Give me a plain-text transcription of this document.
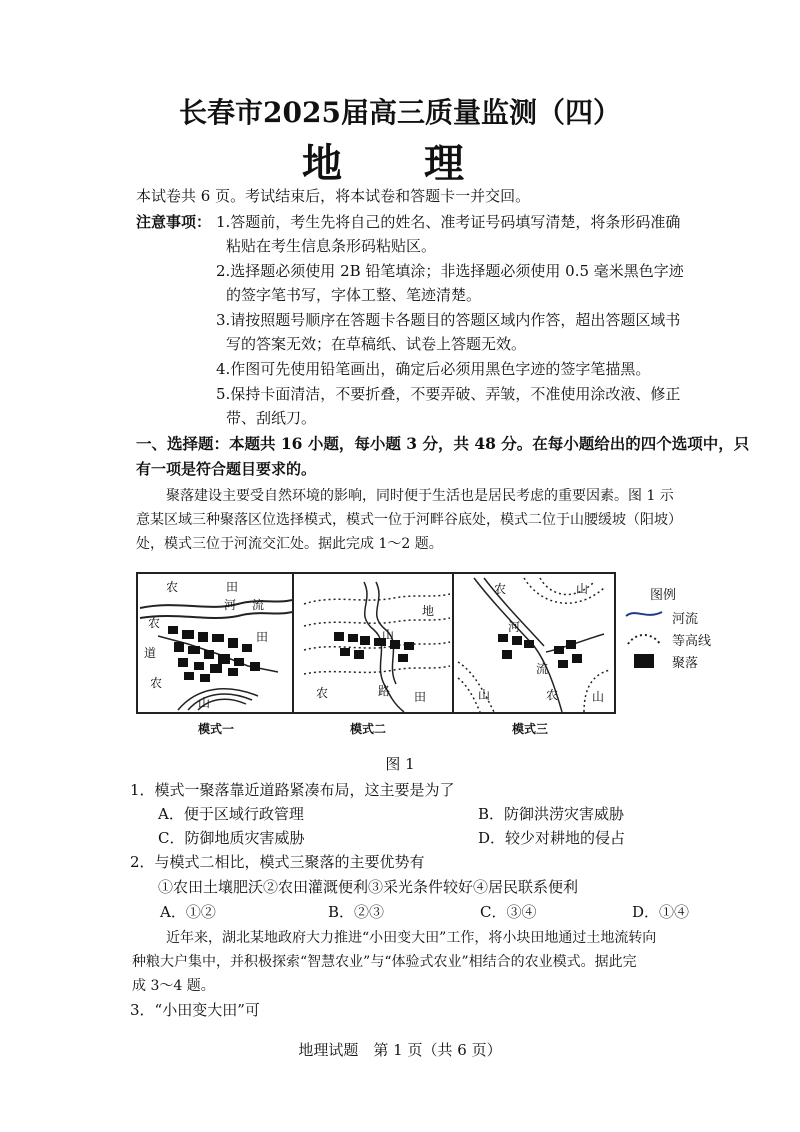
长春市2025届高三质量监测（四）
地 理
本试卷共 6 页。考试结束后，将本试卷和答题卡一并交回。
注意事项： 1.答题前，考生先将自己的姓名、准考证号码填写清楚，将条形码准确
粘贴在考生信息条形码粘贴区。
2.选择题必须使用 2B 铅笔填涂；非选择题必须使用 0.5 毫米黑色字迹
的签字笔书写，字体工整、笔迹清楚。
3.请按照题号顺序在答题卡各题目的答题区域内作答，超出答题区域书
写的答案无效；在草稿纸、试卷上答题无效。
4.作图可先使用铅笔画出，确定后必须用黑色字迹的签字笔描黑。
5.保持卡面清洁，不要折叠，不要弄破、弄皱，不准使用涂改液、修正
带、刮纸刀。
一、选择题：本题共 16 小题，每小题 3 分，共 48 分。在每小题给出的四个选项中，只
有一项是符合题目要求的。
聚落建设主要受自然环境的影响，同时便于生活也是居民考虑的重要因素。图 1 示
意某区域三种聚落区位选择模式，模式一位于河畔谷底处，模式二位于山腰缓坡（阳坡）
处，模式三位于河流交汇处。据此完成 1～2 题。
农	田
河 流
农
道
田
农
山
地
山
农	路 田
农	山
河
流
山	农	山
模式一	模式二	模式三
图例
河流
等高线
聚落
图 1
1．模式一聚落靠近道路紧凑布局，这主要是为了
A．便于区域行政管理	B．防御洪涝灾害威胁
C．防御地质灾害威胁	D．较少对耕地的侵占
2．与模式二相比，模式三聚落的主要优势有
①农田土壤肥沃②农田灌溉便利③采光条件较好④居民联系便利
A．①②	B．②③	C．③④	D．①④
近年来，湖北某地政府大力推进“小田变大田”工作，将小块田地通过土地流转向
种粮大户集中，并积极探索“智慧农业”与“体验式农业”相结合的农业模式。据此完
成 3～4 题。
3．“小田变大田”可
地理试题　第 1 页（共 6 页）
